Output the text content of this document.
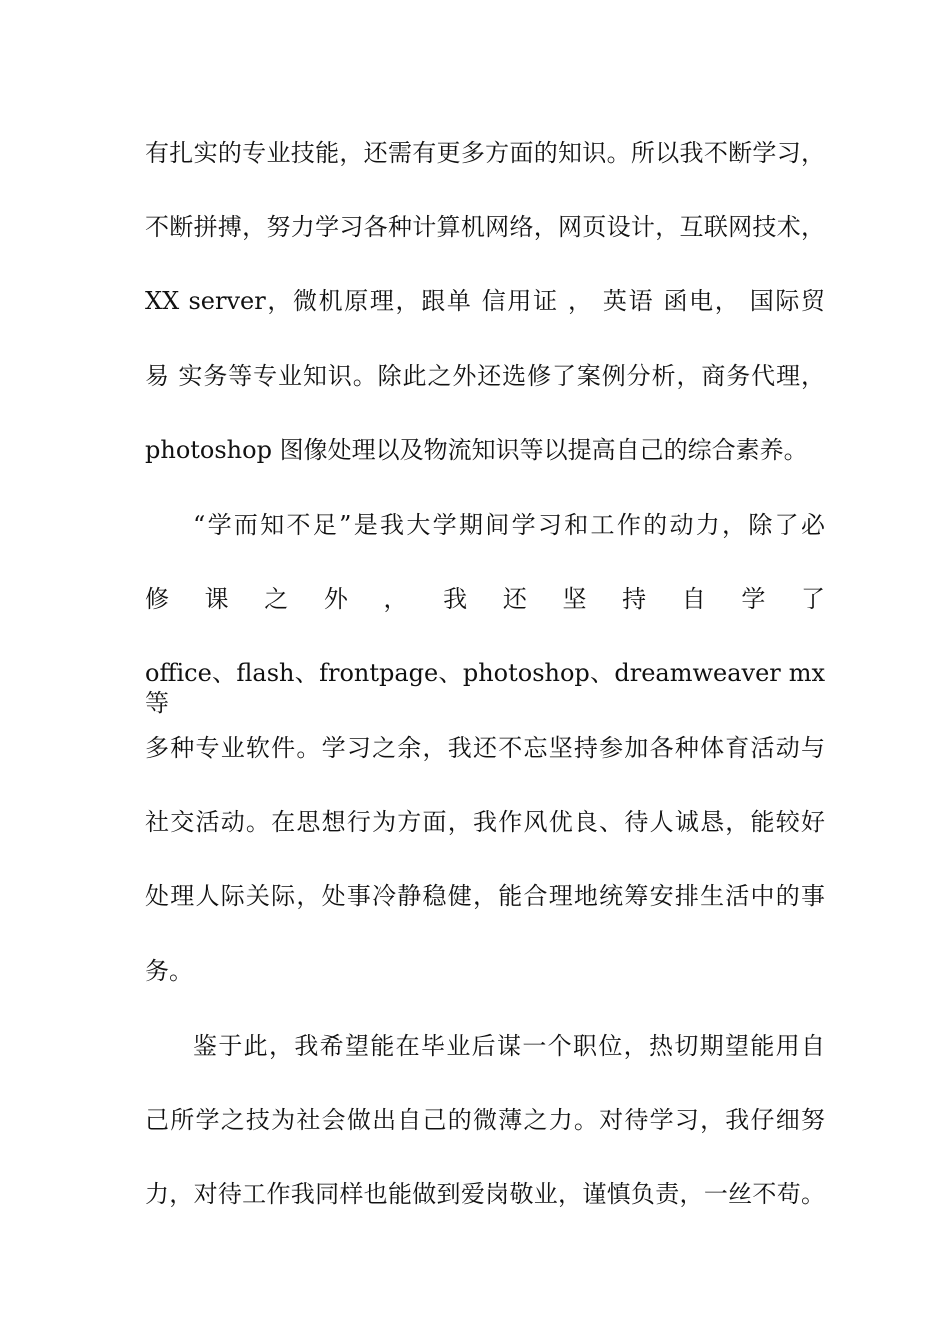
有扎实的专业技能，还需有更多方面的知识。所以我不断学习，
不断拼搏，努力学习各种计算机网络，网页设计，互联网技术，
XX server，微机原理，跟单 信用证 ， 英语 函电， 国际贸
易 实务等专业知识。除此之外还选修了案例分析，商务代理，
photoshop 图像处理以及物流知识等以提高自己的综合素养。
“学而知不足”是我大学期间学习和工作的动力，除了必
修 课 之 外 ， 我 还 坚 持 自 学 了
office、flash、frontpage、photoshop、dreamweaver mx 等
多种专业软件。学习之余，我还不忘坚持参加各种体育活动与
社交活动。在思想行为方面，我作风优良、待人诚恳，能较好
处理人际关际，处事冷静稳健，能合理地统筹安排生活中的事
务。
鉴于此，我希望能在毕业后谋一个职位，热切期望能用自
己所学之技为社会做出自己的微薄之力。对待学习，我仔细努
力，对待工作我同样也能做到爱岗敬业，谨慎负责，一丝不苟。
